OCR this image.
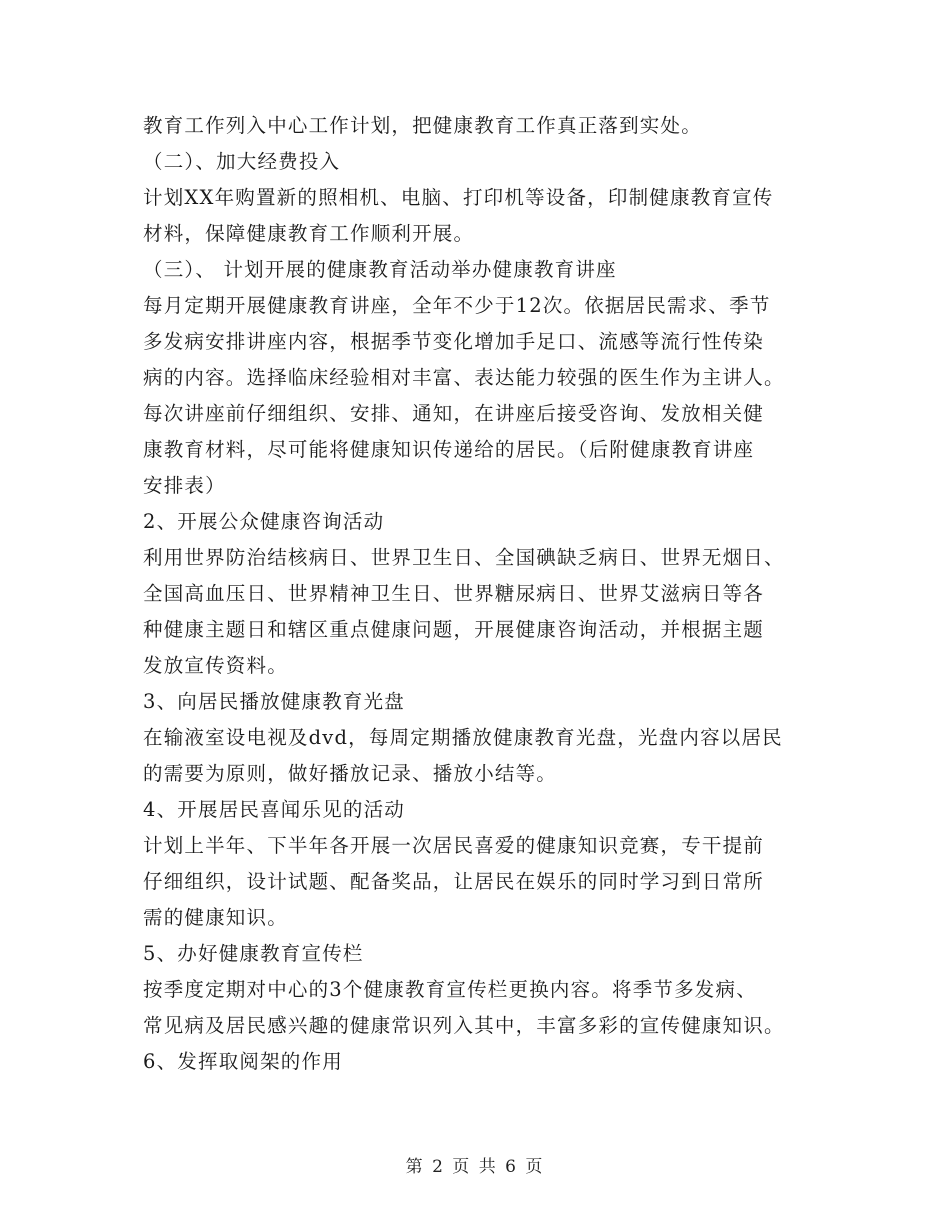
教育工作列入中心工作计划，把健康教育工作真正落到实处。
（二）、加大经费投入
计划XX年购置新的照相机、电脑、打印机等设备，印制健康教育宣传
材料，保障健康教育工作顺利开展。
（三）、 计划开展的健康教育活动举办健康教育讲座
每月定期开展健康教育讲座，全年不少于12次。依据居民需求、季节
多发病安排讲座内容，根据季节变化增加手足口、流感等流行性传染
病的内容。选择临床经验相对丰富、表达能力较强的医生作为主讲人。
每次讲座前仔细组织、安排、通知，在讲座后接受咨询、发放相关健
康教育材料，尽可能将健康知识传递给的居民。（后附健康教育讲座
安排表）
2、开展公众健康咨询活动
利用世界防治结核病日、世界卫生日、全国碘缺乏病日、世界无烟日、
全国高血压日、世界精神卫生日、世界糖尿病日、世界艾滋病日等各
种健康主题日和辖区重点健康问题，开展健康咨询活动，并根据主题
发放宣传资料。
3、向居民播放健康教育光盘
在输液室设电视及dvd，每周定期播放健康教育光盘，光盘内容以居民
的需要为原则，做好播放记录、播放小结等。
4、开展居民喜闻乐见的活动
计划上半年、下半年各开展一次居民喜爱的健康知识竞赛，专干提前
仔细组织，设计试题、配备奖品，让居民在娱乐的同时学习到日常所
需的健康知识。
5、办好健康教育宣传栏
按季度定期对中心的3个健康教育宣传栏更换内容。将季节多发病、
常见病及居民感兴趣的健康常识列入其中，丰富多彩的宣传健康知识。
6、发挥取阅架的作用
第 2 页 共 6 页
